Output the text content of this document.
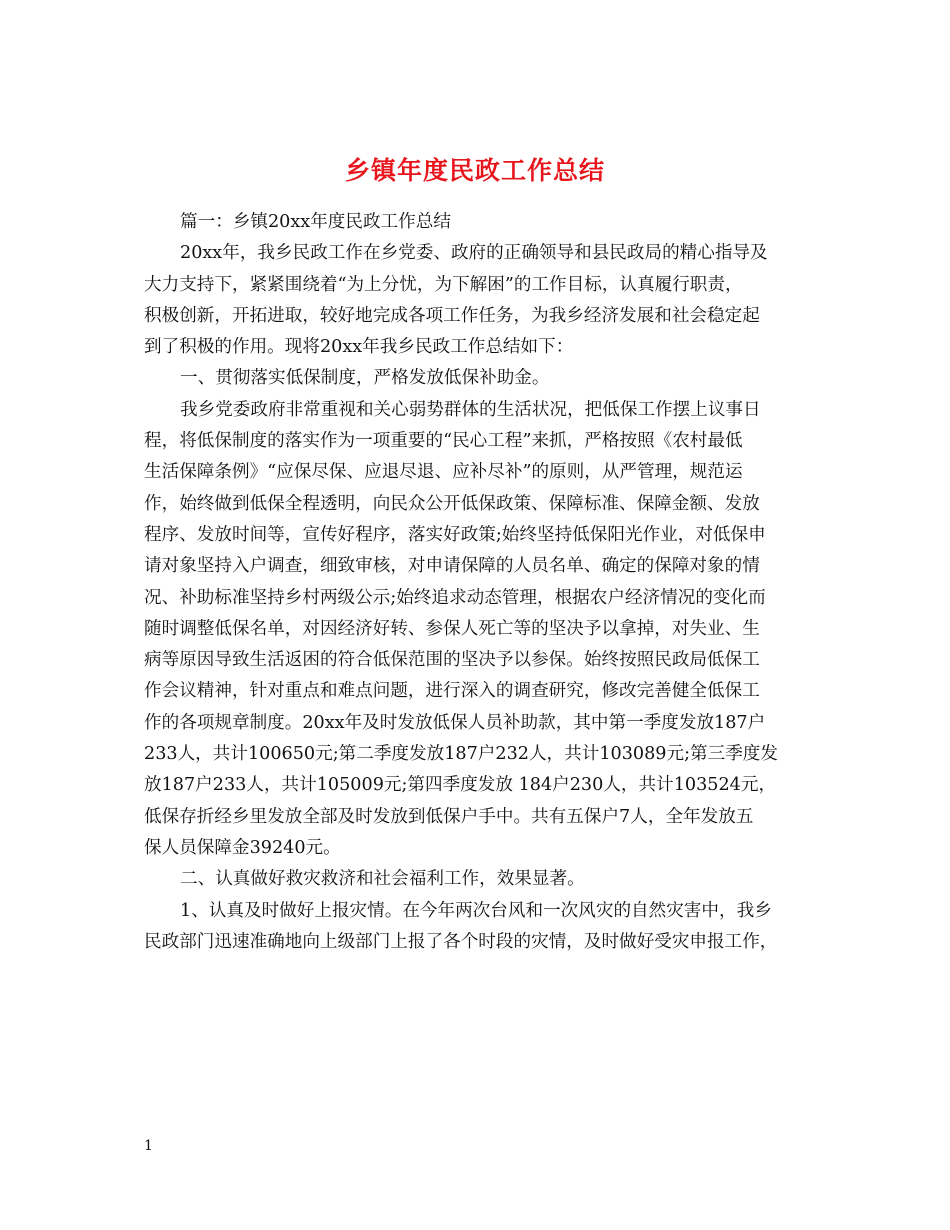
乡镇年度民政工作总结
篇一：乡镇20xx年度民政工作总结
20xx年，我乡民政工作在乡党委、政府的正确领导和县民政局的精心指导及
大力支持下，紧紧围绕着“为上分忧，为下解困”的工作目标，认真履行职责，
积极创新，开拓进取，较好地完成各项工作任务，为我乡经济发展和社会稳定起
到了积极的作用。现将20xx年我乡民政工作总结如下：
一、贯彻落实低保制度，严格发放低保补助金。
我乡党委政府非常重视和关心弱势群体的生活状况，把低保工作摆上议事日
程，将低保制度的落实作为一项重要的“民心工程”来抓，严格按照《农村最低
生活保障条例》“应保尽保、应退尽退、应补尽补”的原则，从严管理，规范运
作，始终做到低保全程透明，向民众公开低保政策、保障标准、保障金额、发放
程序、发放时间等，宣传好程序，落实好政策;始终坚持低保阳光作业，对低保申
请对象坚持入户调查，细致审核，对申请保障的人员名单、确定的保障对象的情
况、补助标准坚持乡村两级公示;始终追求动态管理，根据农户经济情况的变化而
随时调整低保名单，对因经济好转、参保人死亡等的坚决予以拿掉，对失业、生
病等原因导致生活返困的符合低保范围的坚决予以参保。始终按照民政局低保工
作会议精神，针对重点和难点问题，进行深入的调查研究，修改完善健全低保工
作的各项规章制度。20xx年及时发放低保人员补助款，其中第一季度发放187户
233人，共计100650元;第二季度发放187户232人，共计103089元;第三季度发
放187户233人，共计105009元;第四季度发放 184户230人，共计103524元，
低保存折经乡里发放全部及时发放到低保户手中。共有五保户7人，全年发放五
保人员保障金39240元。
二、认真做好救灾救济和社会福利工作，效果显著。
1、认真及时做好上报灾情。在今年两次台风和一次风灾的自然灾害中，我乡
民政部门迅速准确地向上级部门上报了各个时段的灾情，及时做好受灾申报工作，
1
